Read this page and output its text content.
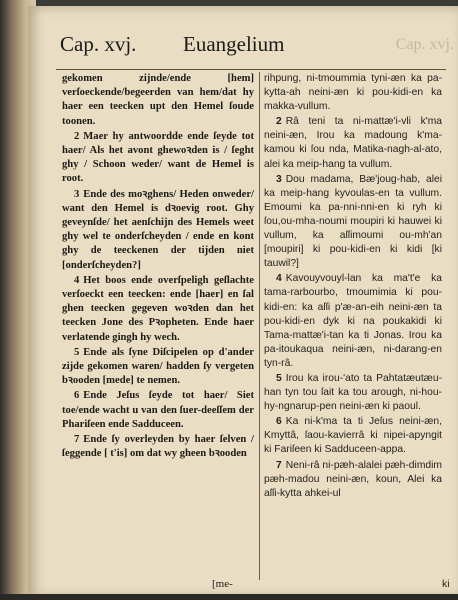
Cap. xvj. Euangelium	Cap. xvj.
gekomen zijnde/ende [hem] verſoeckende/begeerden van hem/dat hy haer een teecken upt den Hemel ſoude toonen.
2 Maer hy antwoordde ende ſeyde tot haer/ Als het avont ghewoꝛden is / ſeght ghy / Schoon weder/ want de Hemel is root.
3 Ende des moꝛghens/ Heden onweder/ want den Hemel is dꝛoevig root. Ghy geveynſde/ het aenſchijn des Hemels weet ghy wel te onderſcheyden / ende en kont ghy de teeckenen der tijden niet [onderſcheyden?]
4 Het boos ende overſpeligh geſlachte verſoeckt een teecken: ende [haer] en ſal ghen teecken gegeven woꝛden dan het teecken Jone des Pꝛopheten. Ende haer verlatende gingh hy wech.
5 Ende als ſyne Diſcipelen op d'ander zijde gekomen waren/ hadden ſy vergeten bꝛooden [mede] te nemen.
6 Ende Jeſus ſeyde tot haer/ Siet toe/ende wacht u van den ſuer-deeſſem der Phariſeen ende Sadduceen.
7 Ende ſy overleyden by haer ſelven / ſeggende [ t'is] om dat wy gheen bꝛooden
rihpung, ni-tmoummia tyni-æn ka pa-kytta-ah neini-æn ki pou-kidi-en ka makka-vullum.
2 Râ teni ta ni-mattæ'i-vli k'ma neini-æn, Irou ka madoung k'ma-kamou ki ſou nda, Matika-nagh-al-ato, alei ka meip-hang ta vullum.
3 Dou madama, Bæ'joug-hab, alei ka meip-hang kyvoulas-en ta vullum. Emoumi ka pa-nni-nni-en ki ryh ki ſou,ou-mha-noumi moupiri ki hauwei ki vullum, ka aſſimoumi ou-mh'an [moupiri] ki pou-kidi-en ki kidi [ki tauwil?]
4 Kavouyvouyl-lan ka ma't'e ka tama-rarbourbo, tmoumimia ki pou-kidi-en: ka aſſi p'æ-an-eih neini-æn ta pou-kidi-en dyk ki na poukakidi ki Tama-mattæ'i-tan ka ti Jonas. Irou ka pa-itoukaqua neini-æn, ni-darang-en tyn-râ.
5 Irou ka irou-'ato ta Pahtatæutæu-han tyn tou ſait ka tou arough, ni-hou-hy-ngnarup-pen neini-æn ki paoul.
6 Ka ni-k'ma ta ti Jeſus neini-æn, Kmyttâ, ſaou-kavierrâ ki nipei-apyngit ki Fariſeen ki Sadduceen-appa.
7 Neni-râ ni-pæh-alalei pæh-dimdim pæh-madou neini-æn, koun, Alei ka aſſi-kytta ahkei-ul
[me-	ki
